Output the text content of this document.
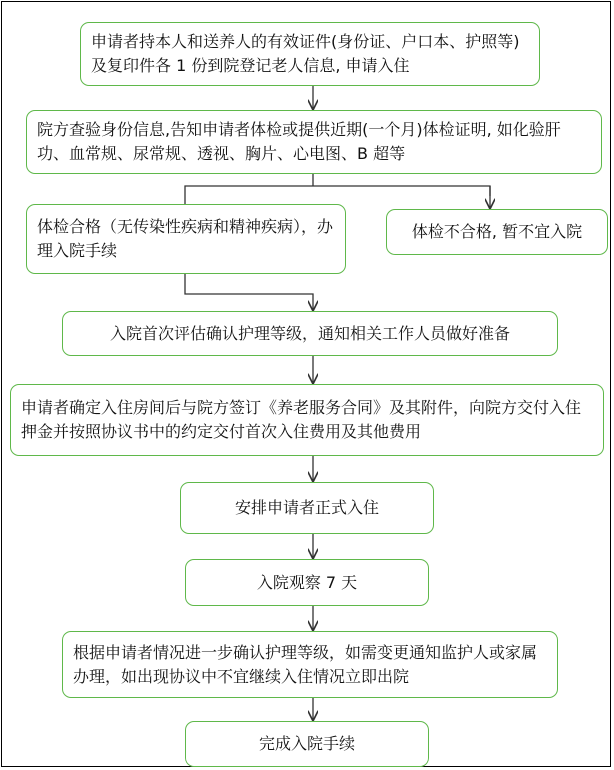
申请者持本人和送养人的有效证件(身份证、户口本、护照等)及复印件各 1 份到院登记老人信息, 申请入住
院方查验身份信息,告知申请者体检或提供近期(一个月)体检证明, 如化验肝功、血常规、尿常规、透视、胸片、心电图、B 超等
体检合格（无传染性疾病和精神疾病），办理入院手续
体检不合格, 暂不宜入院
入院首次评估确认护理等级，通知相关工作人员做好准备
申请者确定入住房间后与院方签订《养老服务合同》及其附件，向院方交付入住押金并按照协议书中的约定交付首次入住费用及其他费用
安排申请者正式入住
入院观察 7 天
根据申请者情况进一步确认护理等级，如需变更通知监护人或家属办理，如出现协议中不宜继续入住情况立即出院
完成入院手续
